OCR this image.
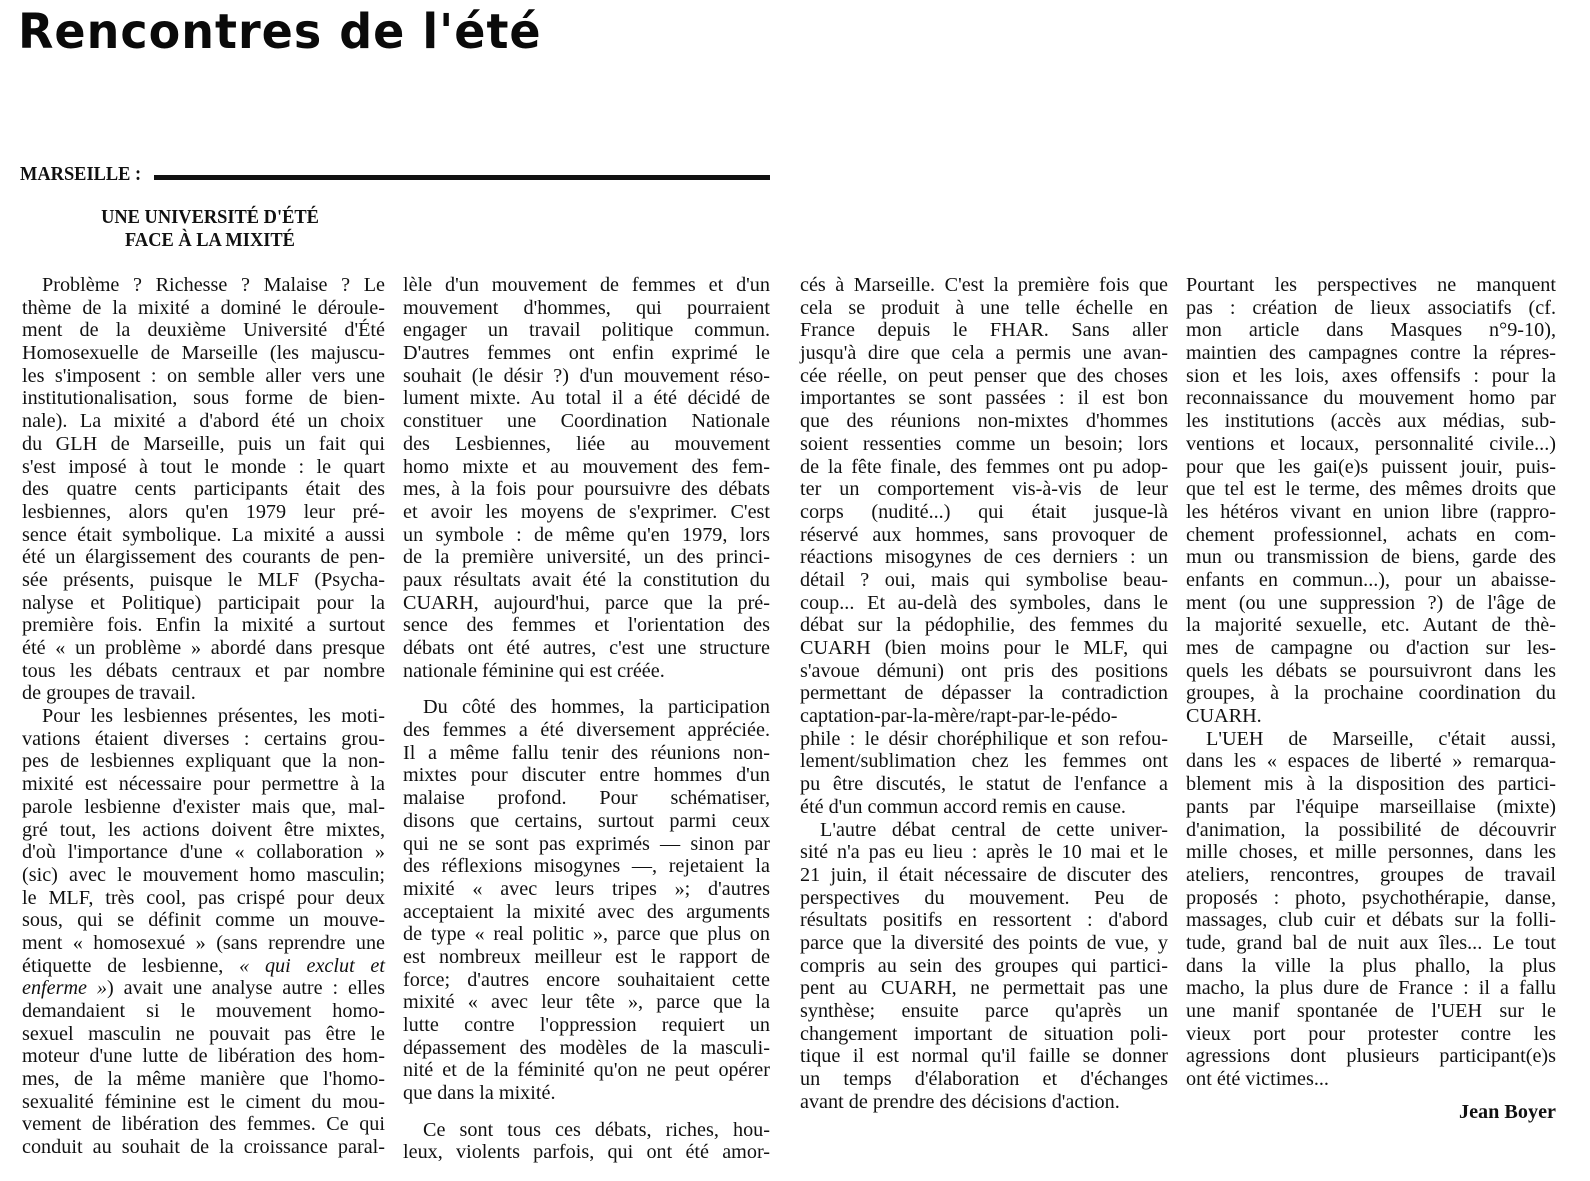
Rencontres de l'été
MARSEILLE :
UNE UNIVERSITÉ D'ÉTÉ
FACE À LA MIXITÉ
Problème ? Richesse ? Malaise ? Le
thème de la mixité a dominé le déroule-
ment de la deuxième Université d'Été
Homosexuelle de Marseille (les majuscu-
les s'imposent : on semble aller vers une
institutionalisation, sous forme de bien-
nale). La mixité a d'abord été un choix
du GLH de Marseille, puis un fait qui
s'est imposé à tout le monde : le quart
des quatre cents participants était des
lesbiennes, alors qu'en 1979 leur pré-
sence était symbolique. La mixité a aussi
été un élargissement des courants de pen-
sée présents, puisque le MLF (Psycha-
nalyse et Politique) participait pour la
première fois. Enfin la mixité a surtout
été « un problème » abordé dans presque
tous les débats centraux et par nombre
de groupes de travail.
Pour les lesbiennes présentes, les moti-
vations étaient diverses : certains grou-
pes de lesbiennes expliquant que la non-
mixité est nécessaire pour permettre à la
parole lesbienne d'exister mais que, mal-
gré tout, les actions doivent être mixtes,
d'où l'importance d'une « collaboration »
(sic) avec le mouvement homo masculin;
le MLF, très cool, pas crispé pour deux
sous, qui se définit comme un mouve-
ment « homosexué » (sans reprendre une
étiquette de lesbienne, « qui exclut et
enferme ») avait une analyse autre : elles
demandaient si le mouvement homo-
sexuel masculin ne pouvait pas être le
moteur d'une lutte de libération des hom-
mes, de la même manière que l'homo-
sexualité féminine est le ciment du mou-
vement de libération des femmes. Ce qui
conduit au souhait de la croissance paral-
lèle d'un mouvement de femmes et d'un
mouvement d'hommes, qui pourraient
engager un travail politique commun.
D'autres femmes ont enfin exprimé le
souhait (le désir ?) d'un mouvement réso-
lument mixte. Au total il a été décidé de
constituer une Coordination Nationale
des Lesbiennes, liée au mouvement
homo mixte et au mouvement des fem-
mes, à la fois pour poursuivre des débats
et avoir les moyens de s'exprimer. C'est
un symbole : de même qu'en 1979, lors
de la première université, un des princi-
paux résultats avait été la constitution du
CUARH, aujourd'hui, parce que la pré-
sence des femmes et l'orientation des
débats ont été autres, c'est une structure
nationale féminine qui est créée.
Du côté des hommes, la participation
des femmes a été diversement appréciée.
Il a même fallu tenir des réunions non-
mixtes pour discuter entre hommes d'un
malaise profond. Pour schématiser,
disons que certains, surtout parmi ceux
qui ne se sont pas exprimés — sinon par
des réflexions misogynes —, rejetaient la
mixité « avec leurs tripes »; d'autres
acceptaient la mixité avec des arguments
de type « real politic », parce que plus on
est nombreux meilleur est le rapport de
force; d'autres encore souhaitaient cette
mixité « avec leur tête », parce que la
lutte contre l'oppression requiert un
dépassement des modèles de la masculi-
nité et de la féminité qu'on ne peut opérer
que dans la mixité.
Ce sont tous ces débats, riches, hou-
leux, violents parfois, qui ont été amor-
cés à Marseille. C'est la première fois que
cela se produit à une telle échelle en
France depuis le FHAR. Sans aller
jusqu'à dire que cela a permis une avan-
cée réelle, on peut penser que des choses
importantes se sont passées : il est bon
que des réunions non-mixtes d'hommes
soient ressenties comme un besoin; lors
de la fête finale, des femmes ont pu adop-
ter un comportement vis-à-vis de leur
corps (nudité...) qui était jusque-là
réservé aux hommes, sans provoquer de
réactions misogynes de ces derniers : un
détail ? oui, mais qui symbolise beau-
coup... Et au-delà des symboles, dans le
débat sur la pédophilie, des femmes du
CUARH (bien moins pour le MLF, qui
s'avoue démuni) ont pris des positions
permettant de dépasser la contradiction
captation-par-la-mère/rapt-par-le-pédo-
phile : le désir choréphilique et son refou-
lement/sublimation chez les femmes ont
pu être discutés, le statut de l'enfance a
été d'un commun accord remis en cause.
L'autre débat central de cette univer-
sité n'a pas eu lieu : après le 10 mai et le
21 juin, il était nécessaire de discuter des
perspectives du mouvement. Peu de
résultats positifs en ressortent : d'abord
parce que la diversité des points de vue, y
compris au sein des groupes qui partici-
pent au CUARH, ne permettait pas une
synthèse; ensuite parce qu'après un
changement important de situation poli-
tique il est normal qu'il faille se donner
un temps d'élaboration et d'échanges
avant de prendre des décisions d'action.
Pourtant les perspectives ne manquent
pas : création de lieux associatifs (cf.
mon article dans Masques n°9-10),
maintien des campagnes contre la répres-
sion et les lois, axes offensifs : pour la
reconnaissance du mouvement homo par
les institutions (accès aux médias, sub-
ventions et locaux, personnalité civile...)
pour que les gai(e)s puissent jouir, puis-
que tel est le terme, des mêmes droits que
les hétéros vivant en union libre (rappro-
chement professionnel, achats en com-
mun ou transmission de biens, garde des
enfants en commun...), pour un abaisse-
ment (ou une suppression ?) de l'âge de
la majorité sexuelle, etc. Autant de thè-
mes de campagne ou d'action sur les-
quels les débats se poursuivront dans les
groupes, à la prochaine coordination du
CUARH.
L'UEH de Marseille, c'était aussi,
dans les « espaces de liberté » remarqua-
blement mis à la disposition des partici-
pants par l'équipe marseillaise (mixte)
d'animation, la possibilité de découvrir
mille choses, et mille personnes, dans les
ateliers, rencontres, groupes de travail
proposés : photo, psychothérapie, danse,
massages, club cuir et débats sur la folli-
tude, grand bal de nuit aux îles... Le tout
dans la ville la plus phallo, la plus
macho, la plus dure de France : il a fallu
une manif spontanée de l'UEH sur le
vieux port pour protester contre les
agressions dont plusieurs participant(e)s
ont été victimes...
Jean Boyer
